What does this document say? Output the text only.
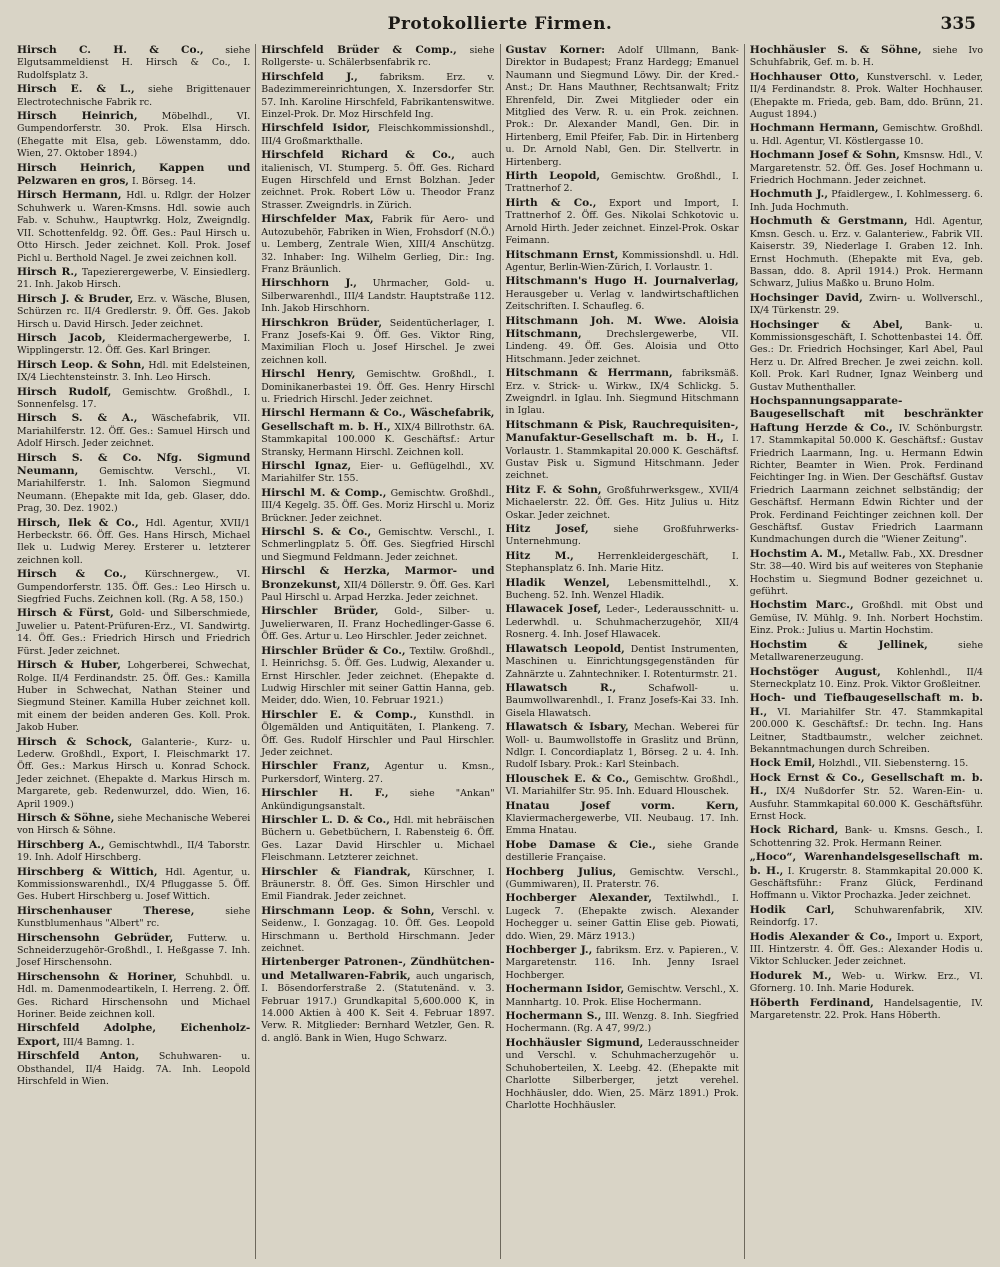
Protokollierte Firmen.	335
Hirsch C. H. & Co., siehe Elgutsammeldienst H. Hirsch & Co., I. Rudolfsplatz 3.
Hirsch E. & L., siehe Brigittenauer Electrotechnische Fabrik rc.
Hirsch Heinrich,	Möbelhdl., VI. Gumpendorferstr. 30. Prok. Elsa Hirsch. (Ehegatte mit Elsa, geb. Löwenstamm, ddo. Wien, 27. Oktober 1894.)
Hirsch Heinrich, Kappen und Pelzwaren en gros, I. Börseg. 14.
Hirsch Hermann, Hdl. u. Rdlgr. der Holzer Schuhwerk u. Waren-Kmsns. Hdl. sowie auch Fab. v. Schuhw., Hauptwrkg. Holz, Zweigndlg. VII. Schottenfeldg. 92. Öff. Ges.: Paul Hirsch u. Otto Hirsch. Jeder zeichnet. Koll. Prok. Josef Pichl u. Berthold Nagel. Je zwei zeichnen koll.
Hirsch R., Tapezierergewerbe, V. Einsiedlerg. 21. Inh. Jakob Hirsch.
Hirsch J. & Bruder, Erz. v. Wäsche, Blusen, Schürzen rc. II/4 Gredlerstr. 9. Öff. Ges. Jakob Hirsch u. David Hirsch. Jeder zeichnet.
Hirsch Jacob, Kleidermachergewerbe, I. Wipplingerstr. 12. Öff. Ges. Karl Bringer.
Hirsch Leop. & Sohn, Hdl. mit Edelsteinen, IX/4 Liechtensteinstr. 3. Inh. Leo Hirsch.
Hirsch Rudolf, Gemischtw. Großhdl., I. Sonnenfelsg. 17.
Hirsch S. & A., Wäschefabrik, VII. Mariahilferstr. 12. Öff. Ges.: Samuel Hirsch und Adolf Hirsch. Jeder zeichnet.
Hirsch S. & Co. Nfg. Sigmund Neumann, Gemischtw. Verschl., VI. Mariahilferstr. 1. Inh. Salomon Siegmund Neumann. (Ehepakte mit Ida, geb. Glaser, ddo. Prag, 30. Dez. 1902.)
Hirsch, Ilek & Co., Hdl. Agentur, XVII/1 Herbeckstr. 66. Öff. Ges. Hans Hirsch, Michael Ilek u. Ludwig Merey. Ersterer u. letzterer zeichnen koll.
Hirsch & Co., Kürschnergew., VI. Gumpendorferstr. 135. Öff. Ges.: Leo Hirsch u. Siegfried Fuchs. Zeichnen koll. (Rg. A 58, 150.)
Hirsch & Fürst, Gold- und Silberschmiede, Juwelier u. Patent-Prüfuren-Erz., VI. Sandwirtg. 14. Öff. Ges.: Friedrich Hirsch und Friedrich Fürst. Jeder zeichnet.
Hirsch & Huber, Lohgerberei, Schwechat, Rolge. II/4 Ferdinandstr. 25. Öff. Ges.: Kamilla Huber in Schwechat, Nathan Steiner und Siegmund Steiner. Kamilla Huber zeichnet koll. mit einem der beiden anderen Ges. Koll. Prok. Jakob Huber.
Hirsch & Schock, Galanterie-, Kurz- u. Lederw. Großhdl., Export, I. Fleischmarkt 17. Öff. Ges.: Markus Hirsch u. Konrad Schock. Jeder zeichnet. (Ehepakte d. Markus Hirsch m. Margarete, geb. Redenwurzel, ddo. Wien, 16. April 1909.)
Hirsch & Söhne, siehe Mechanische Weberei von Hirsch & Söhne.
Hirschberg A., Gemischtwhdl., II/4 Taborstr. 19. Inh. Adolf Hirschberg.
Hirschberg & Wittich, Hdl. Agentur, u. Kommissionswarenhdl., IX/4 Pfluggasse 5. Öff. Ges. Hubert Hirschberg u. Josef Wittich.
Hirschenhauser Therese,	siehe Kunstblumenhaus "Albert" rc.
Hirschensohn Gebrüder, Futterw. u. Schneiderzugehör-Großhdl., I. Heßgasse 7. Inh. Josef Hirschensohn.
Hirschensohn & Horiner, Schuhbdl. u. Hdl. m. Damenmodeartikeln, I. Herreng. 2. Öff. Ges. Richard Hirschensohn und Michael Horiner. Beide zeichnen koll.
Hirschfeld Adolphe, Eichenholz-Export, III/4 Bamng. 1.
Hirschfeld Anton, Schuhwaren- u. Obsthandel, II/4 Haidg. 7A. Inh. Leopold Hirschfeld in Wien.
Hirschfeld Brüder & Comp., siehe Rollgerste- u. Schälerbsenfabrik rc.
Hirschfeld J., fabriksm. Erz. v. Badezimmereinrichtungen, X. Inzersdorfer Str. 57. Inh. Karoline Hirschfeld, Fabrikantenswitwe. Einzel-Prok. Dr. Moz Hirschfeld Ing.
Hirschfeld Isidor, Fleischkommissionshdl., III/4 Großmarkthalle.
Hirschfeld Richard & Co., auch italienisch, VI. Stumperg. 5. Öff. Ges. Richard Eugen Hirschfeld und Ernst Bolzhan. Jeder zeichnet. Prok. Robert Löw u. Theodor Franz Strasser. Zweigndrls. in Zürich.
Hirschfelder Max, Fabrik für Aero- und Autozubehör, Fabriken in Wien, Frohsdorf (N.Ö.) u. Lemberg, Zentrale Wien, XIII/4 Anschützg. 32. Inhaber: Ing. Wilhelm Gerlieg, Dir.: Ing. Franz Bräunlich.
Hirschhorn J., Uhrmacher, Gold- u. Silberwarenhdl., III/4 Landstr. Hauptstraße 112. Inh. Jakob Hirschhorn.
Hirschkron Brüder, Seidentücherlager, I. Franz Josefs-Kai 9. Öff. Ges. Viktor Ring, Maximilian Floch u. Josef Hirschel. Je zwei zeichnen koll.
Hirschl Henry, Gemischtw. Großhdl., I. Dominikanerbastei 19. Öff. Ges. Henry Hirschl u. Friedrich Hirschl. Jeder zeichnet.
Hirschl Hermann & Co., Wäschefabrik, Gesellschaft m. b. H., XIX/4 Billrothstr. 6A. Stammkapital 100.000 K. Geschäftsf.: Artur Stransky, Hermann Hirschl. Zeichnen koll.
Hirschl Ignaz, Eier- u. Geflügelhdl., XV. Mariahilfer Str. 155.
Hirschl M. & Comp., Gemischtw. Großhdl., III/4 Kegelg. 35. Öff. Ges. Moriz Hirschl u. Moriz Brückner. Jeder zeichnet.
Hirschl S. & Co., Gemischtw. Verschl., I. Schmerlingplatz 5. Öff. Ges. Siegfried Hirschl und Siegmund Feldmann. Jeder zeichnet.
Hirschl & Herzka, Marmor- und Bronzekunst, XII/4 Döllerstr. 9. Öff. Ges. Karl Paul Hirschl u. Arpad Herzka. Jeder zeichnet.
Hirschler Brüder, Gold-, Silber- u. Juwelierwaren, II. Franz Hochedlinger-Gasse 6. Öff. Ges. Artur u. Leo Hirschler. Jeder zeichnet.
Hirschler Brüder & Co., Textilw. Großhdl., I. Heinrichsg. 5. Öff. Ges. Ludwig, Alexander u. Ernst Hirschler. Jeder zeichnet. (Ehepakte d. Ludwig Hirschler mit seiner Gattin Hanna, geb. Meider, ddo. Wien, 10. Februar 1921.)
Hirschler E. & Comp., Kunsthdl. in Ölgemälden und Antiquitäten, I. Plankeng. 7. Öff. Ges. Rudolf Hirschler und Paul Hirschler. Jeder zeichnet.
Hirschler Franz, Agentur u. Kmsn., Purkersdorf, Winterg. 27.
Hirschler H. F., siehe "Ankan" Ankündigungsanstalt.
Hirschler L. D. & Co., Hdl. mit hebräischen Büchern u. Gebetbüchern, I. Rabensteig 6. Öff. Ges. Lazar David Hirschler u. Michael Fleischmann. Letzterer zeichnet.
Hirschler & Fiandrak, Kürschner, I. Bräunerstr. 8. Öff. Ges. Simon Hirschler und Emil Fiandrak. Jeder zeichnet.
Hirschmann Leop. & Sohn, Verschl. v. Seidenw., I. Gonzagag. 10. Öff. Ges. Leopold Hirschmann u. Berthold Hirschmann. Jeder zeichnet.
Hirtenberger Patronen-, Zündhütchen- und Metallwaren-Fabrik, auch ungarisch, I. Bösendorferstraße 2. (Statutenänd. v. 3. Februar 1917.) Grundkapital 5,600.000 K, in 14.000 Aktien à 400 K. Seit 4. Februar 1897. Verw. R. Mitglieder: Bernhard Wetzler, Gen. R. d. anglö. Bank in Wien, Hugo Schwarz.
Gustav Korner: Adolf Ullmann, Bank-Direktor in Budapest; Franz Hardegg; Emanuel Naumann und Siegmund Löwy. Dir. der Kred.-Anst.; Dr. Hans Mauthner, Rechtsanwalt; Fritz Ehrenfeld, Dir. Zwei Mitglieder oder ein Mitglied des Verw. R. u. ein Prok. zeichnen. Prok.: Dr. Alexander Mandl, Gen. Dir. in Hirtenberg, Emil Pfeifer, Fab. Dir. in Hirtenberg u. Dr. Arnold Nabl, Gen. Dir. Stellvertr. in Hirtenberg.
Hirth Leopold, Gemischtw. Großhdl., I. Trattnerhof 2.
Hirth & Co., Export und Import, I. Trattnerhof 2. Öff. Ges. Nikolai Schkotovic u. Arnold Hirth. Jeder zeichnet. Einzel-Prok. Oskar Feimann.
Hitschmann Ernst, Kommissionshdl. u. Hdl. Agentur, Berlin-Wien-Zürich, I. Vorlaustr. 1.
Hitschmann's Hugo H. Journalverlag, Herausgeber u. Verlag v. landwirtschaftlichen Zeitschriften. I. Schaufleg. 6.
Hitschmann Joh. M. Wwe. Aloisia Hitschmann,	Drechslergewerbe, VII. Lindeng. 49. Öff. Ges. Aloisia und Otto Hitschmann. Jeder zeichnet.
Hitschmann & Herrmann, fabriksmäß. Erz. v. Strick- u. Wirkw., IX/4 Schlickg. 5. Zweigndrl. in Iglau. Inh. Siegmund Hitschmann in Iglau.
Hitschmann & Pisk, Rauchrequisiten-, Manufaktur-Gesellschaft m. b. H., I. Vorlaustr. 1. Stammkapital 20.000 K. Geschäftsf. Gustav Pisk u. Sigmund Hitschmann. Jeder zeichnet.
Hitz F. & Sohn, Großfuhrwerksgew., XVII/4 Michaelerstr. 22. Öff. Ges. Hitz Julius u. Hitz Oskar. Jeder zeichnet.
Hitz Josef,	siehe Großfuhrwerks-Unternehmung.
Hitz M.,	Herrenkleidergeschäft, I. Stephansplatz 6. Inh. Marie Hitz.
Hladik Wenzel, Lebensmittelhdl., X. Bucheng. 52. Inh. Wenzel Hladik.
Hlawacek Josef, Leder-, Lederausschnitt- u. Lederwhdl. u. Schuhmacherzugehör, XII/4 Rosnerg. 4. Inh. Josef Hlawacek.
Hlawatsch Leopold, Dentist Instrumenten, Maschinen u. Einrichtungsgegenständen für Zahnärzte u. Zahntechniker. I. Rotenturmstr. 21.
Hlawatsch R.,	Schafwoll- u. Baumwollwarenhdl., I. Franz Josefs-Kai 33. Inh. Gisela Hlawatsch.
Hlawatsch & Isbary, Mechan. Weberei für Woll- u. Baumwollstoffe in Graslitz und Brünn, Ndlgr. I. Concordiaplatz 1, Börseg. 2 u. 4. Inh. Rudolf Isbary. Prok.: Karl Steinbach.
Hlouschek E. & Co., Gemischtw. Großhdl., VI. Mariahilfer Str. 95. Inh. Eduard Hlouschek.
Hnatau Josef vorm. Kern, Klaviermachergewerbe, VII. Neubaug. 17. Inh. Emma Hnatau.
Hobe Damase & Cie., siehe Grande destillerie Française.
Hochberg Julius, Gemischtw. Verschl., (Gummiwaren), II. Praterstr. 76.
Hochberger Alexander, Textilwhdl., I. Lugeck 7. (Ehepakte zwisch. Alexander Hochegger u. seiner Gattin Elise geb. Piowati, ddo. Wien, 29. März 1913.)
Hochberger J., fabriksm. Erz. v. Papieren., V. Margaretenstr. 116. Inh. Jenny Israel Hochberger.
Hochermann Isidor, Gemischtw. Verschl., X. Mannhartg. 10. Prok. Elise Hochermann.
Hochermann S., III. Wenzg. 8. Inh. Siegfried Hochermann. (Rg. A 47, 99/2.)
Hochhäusler Sigmund, Lederausschneider und Verschl. v. Schuhmacherzugehör u. Schuhoberteilen, X. Leebg. 42. (Ehepakte mit Charlotte Silberberger, jetzt verehel. Hochhäusler, ddo. Wien, 25. März 1891.) Prok. Charlotte Hochhäusler.
Hochhäusler S. & Söhne, siehe Ivo Schuhfabrik, Gef. m. b. H.
Hochhauser Otto, Kunstverschl. v. Leder, II/4 Ferdinandstr. 8. Prok. Walter Hochhauser. (Ehepakte m. Frieda, geb. Bam, ddo. Brünn, 21. August 1894.)
Hochmann Hermann, Gemischtw. Großhdl. u. Hdl. Agentur, VI. Köstlergasse 10.
Hochmann Josef & Sohn, Kmsnsw. Hdl., V. Margaretenstr. 52. Öff. Ges. Josef Hochmann u. Friedrich Hochmann. Jeder zeichnet.
Hochmuth J., Pfaidlergew., I. Kohlmesserg. 6. Inh. Juda Hochmuth.
Hochmuth & Gerstmann, Hdl. Agentur, Kmsn. Gesch. u. Erz. v. Galanteriew., Fabrik VII. Kaiserstr. 39, Niederlage I. Graben 12. Inh. Ernst Hochmuth. (Ehepakte mit Eva, geb. Bassan, ddo. 8. April 1914.) Prok. Hermann Schwarz, Julius Maßko u. Bruno Holm.
Hochsinger David, Zwirn- u. Wollverschl., IX/4 Türkenstr. 29.
Hochsinger & Abel, Bank- u. Kommissionsgeschäft, I. Schottenbastei 14. Öff. Ges.: Dr. Friedrich Hochsinger, Karl Abel, Paul Herz u. Dr. Alfred Brecher. Je zwei zeichn. koll. Koll. Prok. Karl Rudner, Ignaz Weinberg und Gustav Muthenthaller.
Hochspannungsapparate-Baugesellschaft mit beschränkter Haftung Herzde & Co., IV. Schönburgstr. 17. Stammkapital 50.000 K. Geschäftsf.: Gustav Friedrich Laarmann, Ing. u. Hermann Edwin Richter, Beamter in Wien. Prok. Ferdinand Feichtinger Ing. in Wien. Der Geschäftsf. Gustav Friedrich Laarmann zeichnet selbständig; der Geschäftsf. Hermann Edwin Richter und der Prok. Ferdinand Feichtinger zeichnen koll. Der Geschäftsf. Gustav Friedrich Laarmann Kundmachungen durch die "Wiener Zeitung".
Hochstim A. M., Metallw. Fab., XX. Dresdner Str. 38—40. Wird bis auf weiteres von Stephanie Hochstim u. Siegmund Bodner gezeichnet u. geführt.
Hochstim Marc., Großhdl. mit Obst und Gemüse, IV. Mühlg. 9. Inh. Norbert Hochstim. Einz. Prok.: Julius u. Martin Hochstim.
Hochstim & Jellinek,	siehe Metallwarenerzeugung.
Hochstöger August, Kohlenhdl., II/4 Sterneckplatz 10. Einz. Prok. Viktor Großleitner.
Hoch- und Tiefbaugesellschaft m. b. H., VI. Mariahilfer Str. 47. Stammkapital 200.000 K. Geschäftsf.: Dr. techn. Ing. Hans Leitner, Stadtbaumstr., welcher zeichnet. Bekanntmachungen durch Schreiben.
Hock Emil, Holzhdl., VII. Siebensterng. 15.
Hock Ernst & Co., Gesellschaft m. b. H., IX/4 Nußdorfer Str. 52. Waren-Ein- u. Ausfuhr. Stammkapital 60.000 K. Geschäftsführ. Ernst Hock.
Hock Richard, Bank- u. Kmsns. Gesch., I. Schottenring 32. Prok. Hermann Reiner.
„Hoco“, Warenhandelsgesellschaft m. b. H., I. Krugerstr. 8. Stammkapital 20.000 K. Geschäftsführ.: Franz Glück, Ferdinand Hoffmann u. Viktor Prochazka. Jeder zeichnet.
Hodik Carl, Schuhwarenfabrik, XIV. Reindorfg. 17.
Hodis Alexander & Co., Import u. Export, III. Hintzerstr. 4. Öff. Ges.: Alexander Hodis u. Viktor Schlucker. Jeder zeichnet.
Hodurek M., Web- u. Wirkw. Erz., VI. Gfornerg. 10. Inh. Marie Hodurek.
Höberth Ferdinand, Handelsagentie, IV. Margaretenstr. 22. Prok. Hans Höberth.
